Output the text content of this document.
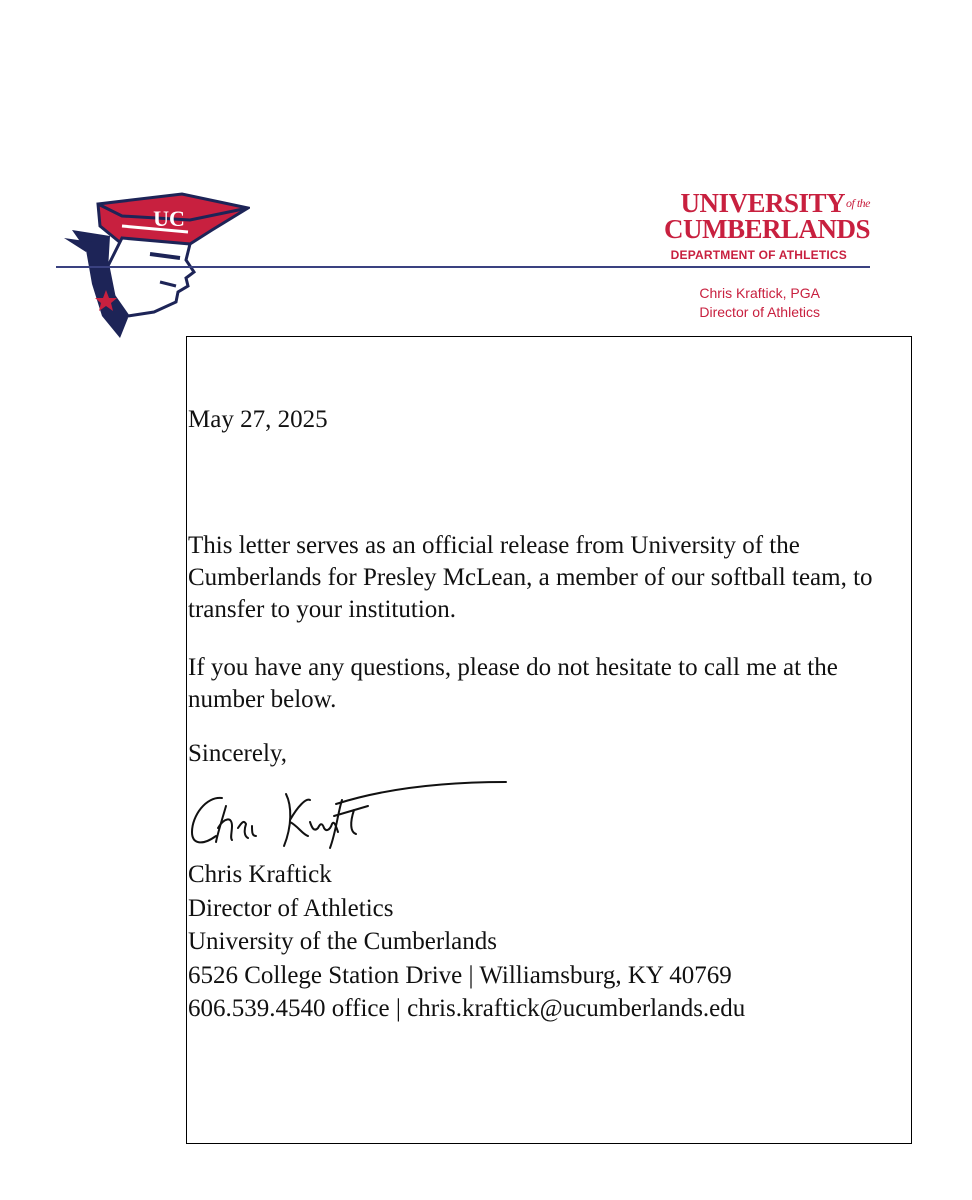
UC
$UNIVERSITY^{of the}$
CUMBERLANDS
DEPARTMENT OF ATHLETICS
Chris Kraftick, PGA
Director of Athletics
May 27, 2025
This letter serves as an official release from University of the Cumberlands for Presley McLean, a member of our softball team, to transfer to your institution.
If you have any questions, please do not hesitate to call me at the number below.
Sincerely,
Chris Kraftick
Director of Athletics
University of the Cumberlands
6526 College Station Drive | Williamsburg, KY 40769
606.539.4540 office | chris.kraftick@ucumberlands.edu
